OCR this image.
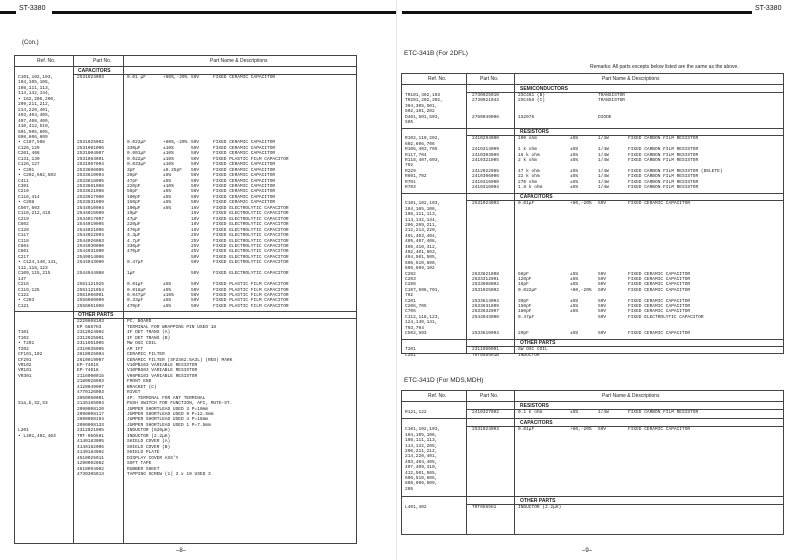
ST-3380	ST-3380
(Con.)
Ref. No.	Part No.	Part Name & Descriptions
CAPACITORS
C101,102,103,	2531024003	0.01 μF	+80%,-20% 50V	FIXED CERAMIC CAPACITOR
104,105,106,
108,111,113,
114,142,144,
• 162,205,206,
209,211,212,
214,220,401,
403,404,405,
407,408,409,
410,412,510,
501,505,605,
608,606,609
• C107,508	2531025002	0.022μF	+80%,-20% 50V	FIXED CERAMIC CAPACITOR
C126,129	2531001006	330μF	±10%	50V	FIXED CERAMIC CAPACITOR
C201,406	2531004007	0.001μF	±10%	50V	FIXED CERAMIC CAPACITOR
C131,130	2531064001	0.022μF	±10%	50V	FIXED PLASTIC FILM CAPACITOR
C126,127	2531067004	0.033μF	±10%	50V	FIXED CERAMIC CAPACITOR
• C201	2533696005	3pF	±0.25pF 50V	FIXED CERAMIC CAPACITOR
• C202,502,503	2533810004	20pF	±5%	50V	FIXED CERAMIC CAPACITOR
C411	2533818005	47pF	±5%	50V	FIXED CERAMIC CAPACITOR
C301	2533661008	220pF	±10%	50V	FIXED CERAMIC CAPACITOR
C210	2533621008	56pF	±5%	50V	FIXED CERAMIC CAPACITOR
C116,414	2533627000	100pF	±5%	50V	FIXED CERAMIC CAPACITOR
• C208	2533631009	150pF	±5%	50V	FIXED CERAMIC CAPACITOR
C507,603	2544010004	100μF	±5%	16V	FIXED ELECTROLYTIC CAPACITOR
C110,212,415	2544015009	10μF	16V	FIXED ELECTROLYTIC CAPACITOR
C219	2544017007	47μF	16V	FIXED ELECTROLYTIC CAPACITOR
C602	2544019005	220μF	16V	FIXED ELECTROLYTIC CAPACITOR
C120	2544021006	470μF	16V	FIXED ELECTROLYTIC CAPACITOR
C117	2544022004	3.3μF	25V	FIXED ELECTROLYTIC CAPACITOR
C118	2544026003	4.7μF	25V	FIXED ELECTROLYTIC CAPACITOR
C604	2544030000	330μF	25V	FIXED ELECTROLYTIC CAPACITOR
C601	2544031000	470μF	25V	FIXED ELECTROLYTIC CAPACITOR
C217	2549014006	50V	FIXED ELECTROLYTIC CAPACITOR
• C124,140,141,	2544043000	0.47μF	50V	FIXED ELECTROLYTIC CAPACITOR
112,118,123
C109,115,215	2544044008	1μF	50V	FIXED ELECTROLYTIC CAPACITOR
147
C216	2561121025	0.01μF	±5%	50V	FIXED PLASTIC FILM CAPACITOR
C119,125	2551121054	0.018μF	±5%	50V	FIXED PLASTIC FILM CAPACITOR
C122	2551066001	0.047μF	±10%	50V	FIXED PLASTIC FILM CAPACITOR
• C203	2556060009	0.33μF	±5%	50V	FIXED PLASTIC FILM CAPACITOR
C121	2556061008	470pF	±5%	50V	FIXED PLASTIC FILM CAPACITOR
OTHER PARTS
2220608103	PC. BOARD
EP 5867H3	TERMINAL FOR WRAPPING PIN USED 18
T101	2312024002	IF DET TRANS (A)
T102	2312025001	IF DET TRANS (B)
• T201	2311051005	MW OSC COIL
T202	2310035005	AM IFT
CF101,102	2610025004	CERAMIC FILTER
CF201	2610019007	CERAMIC FILTER (SFZ462.5A3L) (RED) MARK
VR102	EP-74015	V10PB103 VARIABLE RESISTOR
VR101	EP-74018	V10PB503 VARIABLE RESISTOR
VR301	2116000015	V08PB103 VARIABLE RESISTOR
2180028003	FRONT END
4120049007	BRACKET (C)
4770126003	RIVET
2050060001	4P. TERMINAL FOR ANT TERMINAL
S1a,b,S2,S3	2136165004	PUSH SWITCH FOR FUNCTION, AFC, MUTE-ST.
2090008120	JUMPER SHORTLEAD USED 3 P=10mm
2090008117	JUMPER SHORTLEAD USED 9 P=12.5mm
2090008104	JUMPER SHORTLEAD USED 4 P=15mm
2090008133	JUMPER SHORTLEAD USED 1 P=7.5mm
L201	2312021005	INDUCTOR (820μH)
• L401,402,403	TRT-0565H1	INDUCTOR (2.2μH)
4140183005	SHIELD COVER (A)
4140182006	SHIELD COVER (B)
4140184002	SHIELD PLATE
4510025011	DISPLAY COVER ASS'Y
1290002082	SOFT TAPE
4610094002	RUBBER SHEET
4730305013	TAPPING SCREW (1) 3 x 10 USED 3
–8–
ETC-341B (For 2DFL)
Remarks: All parts excepts below listed are the same as the above.
Ref. No.	Part No.	Part Name & Descriptions
SEMICONDUCTORS
TR101,402,103	2730025010	2SC461 (B)	TRANSISTOR
TR201,202,302,	2730021043	2SC458 (C)	TRANSISTOR
304,305,501,
502,101,202
D401,501,503,	2760049008	1S2076	DIODE
505
RESISTORS
R102,110,202,	2410294000	100 ohm	±5%	1/4W	FIXED CARBON FILM RESISTOR
602,606,706
R106,403,705	2410314009	1 k ohm	±5%	1/4W	FIXED CARBON FILM RESISTOR
R117,704	2410303009	16 k ohm	±5%	1/4W	FIXED CARBON FILM RESISTOR
R118,407,603,	2410321005	2 k ohm	±5%	1/4W	FIXED CARBON FILM RESISTOR
702
R229	2412022085	47 k ohm	±5%	1/4W	FIXED CARBON FILM RESISTOR (DELETE)
R601,702	2410306006	22 k ohm	±5%	1/4W	FIXED CARBON FILM RESISTOR
R701	2410316000	270 ohm	±5%	1/4W	FIXED CARBON FILM RESISTOR
R703	2410316004	1.8 k ohm	±5%	1/4W	FIXED CARBON FILM RESISTOR
CAPACITORS
C101,102,103,	2531024003	0.01μF	+80,-20% 50V	FIXED CERAMIC CAPACITOR
104,105,106,
108,111,113,
114,142,144,
206,209,211,
212,214,220,
401,403,404,
405,407,408,
409,410,412,
402,401,603,
404,501,505,
506,510,606,
608,609,102
C202	2533621008	56pF	±5%	50V	FIXED CERAMIC CAPACITOR
C203	2533312001	120pF	±5%	50V	FIXED CERAMIC CAPACITOR
C208	2533608002	16pF	±5%	50V	FIXED CERAMIC CAPACITOR
C107,506,701,	2531025002	0.022μF	+80,-20% 50V	FIXED CERAMIC CAPACITOR
702
C201	2533614004	39pF	±5%	50V	FIXED CERAMIC CAPACITOR
C206,705	2533631009	150pF	±5%	50V	FIXED CERAMIC CAPACITOR
C706	2533632007	180pF	±5%	50V	FIXED CERAMIC CAPACITOR
C112,118,123,	2544043000	0.47μF	50V	FIXED ELECTROLYTIC CAPACITOR
124,140,141,
703,704
C502,503	2533610004	20pF	±5%	50V	FIXED CERAMIC CAPACITOR
OTHER PARTS
T201	2311050001	SW OSC COIL
L201	TRT0565H1B	INDUCTOR
ETC-341D (For MDS,MDH)
Ref. No.	Part No.	Part Name & Descriptions
RESISTORS
R121,122	2410327002	0.1 k ohm	±5%	1/4W	FIXED CARBON FILM RESISTOR
CAPACITORS
C101,102,103,	2531024003	0.01μF	+80,-20% 50V	FIXED CERAMIC CAPACITOR
104,105,106,
108,111,113,
114,142,205,
206,211,212,
214,220,401,
403,404,405,
407,409,410,
412,501,505,
506,510,605,
608,606,609,
205
OTHER PARTS
L401,402	TRT0565H1	INDUCTOR (2.2μH)
–9–
